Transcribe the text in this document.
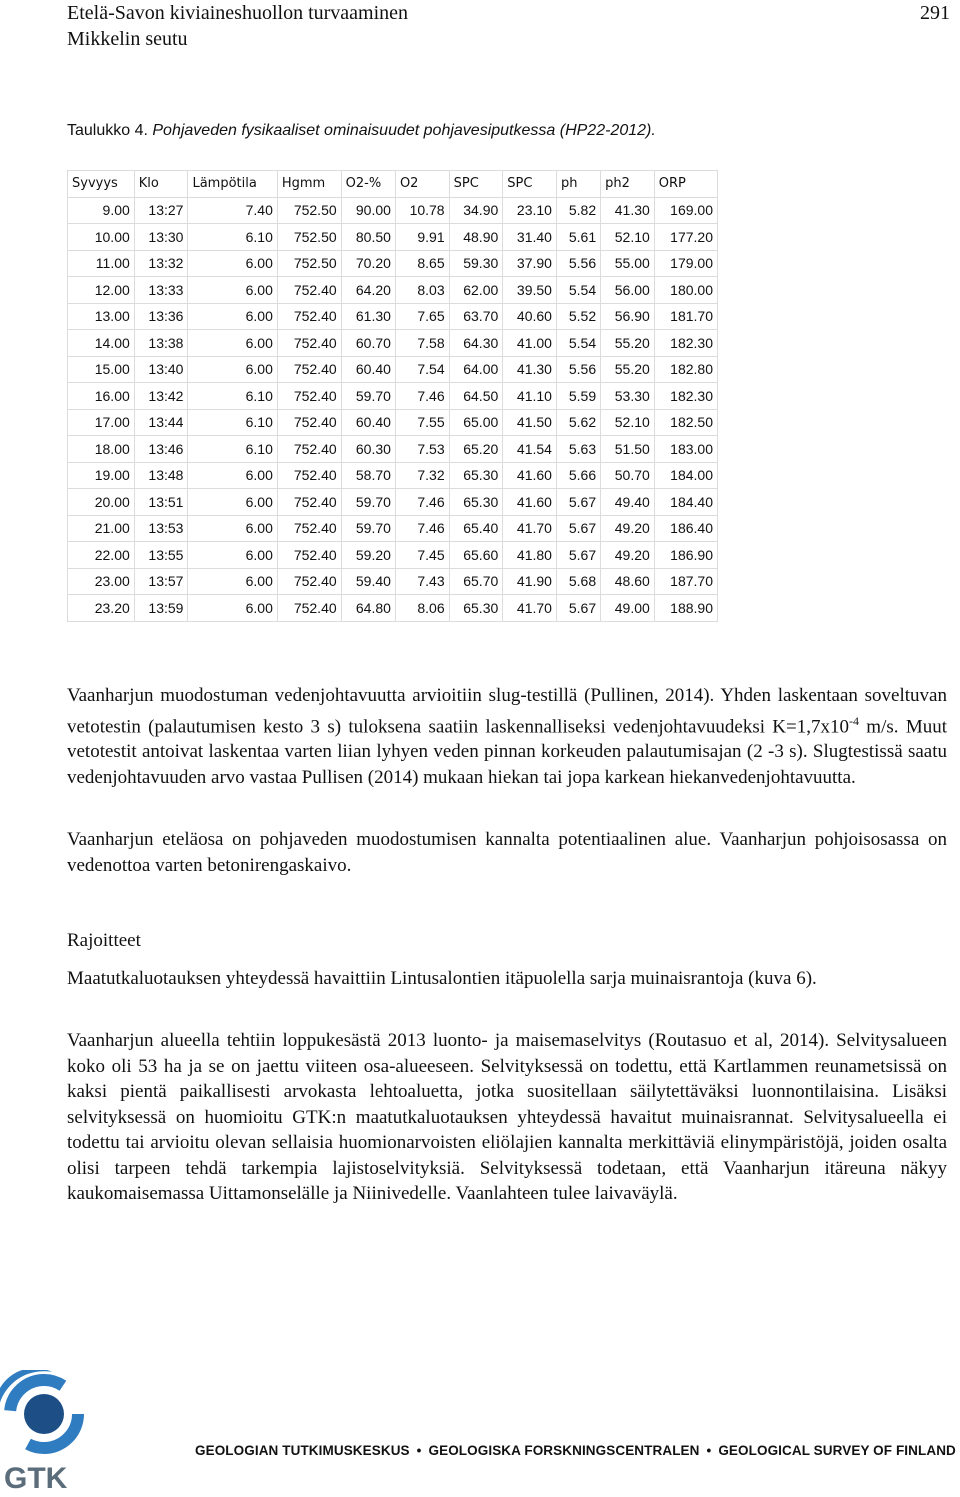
Etelä-Savon kiviaineshuollon turvaaminen
Mikkelin seutu
291
Taulukko 4. Pohjaveden fysikaaliset ominaisuudet pohjavesiputkessa (HP22-2012).
Syvyys	Klo	Lämpötila	Hgmm	O2-%	O2	SPC	SPC	ph	ph2	ORP
9.00	13:27	7.40	752.50	90.00	10.78	34.90	23.10	5.82	41.30	169.00
10.00	13:30	6.10	752.50	80.50	9.91	48.90	31.40	5.61	52.10	177.20
11.00	13:32	6.00	752.50	70.20	8.65	59.30	37.90	5.56	55.00	179.00
12.00	13:33	6.00	752.40	64.20	8.03	62.00	39.50	5.54	56.00	180.00
13.00	13:36	6.00	752.40	61.30	7.65	63.70	40.60	5.52	56.90	181.70
14.00	13:38	6.00	752.40	60.70	7.58	64.30	41.00	5.54	55.20	182.30
15.00	13:40	6.00	752.40	60.40	7.54	64.00	41.30	5.56	55.20	182.80
16.00	13:42	6.10	752.40	59.70	7.46	64.50	41.10	5.59	53.30	182.30
17.00	13:44	6.10	752.40	60.40	7.55	65.00	41.50	5.62	52.10	182.50
18.00	13:46	6.10	752.40	60.30	7.53	65.20	41.54	5.63	51.50	183.00
19.00	13:48	6.00	752.40	58.70	7.32	65.30	41.60	5.66	50.70	184.00
20.00	13:51	6.00	752.40	59.70	7.46	65.30	41.60	5.67	49.40	184.40
21.00	13:53	6.00	752.40	59.70	7.46	65.40	41.70	5.67	49.20	186.40
22.00	13:55	6.00	752.40	59.20	7.45	65.60	41.80	5.67	49.20	186.90
23.00	13:57	6.00	752.40	59.40	7.43	65.70	41.90	5.68	48.60	187.70
23.20	13:59	6.00	752.40	64.80	8.06	65.30	41.70	5.67	49.00	188.90

Vaanharjun muodostuman vedenjohtavuutta arvioitiin slug-testillä (Pullinen, 2014). Yhden laskentaan soveltuvan vetotestin (palautumisen kesto 3 s) tuloksena saatiin laskennalliseksi vedenjohtavuudeksi $K=1,7x10^{-4}$ m/s. Muut vetotestit antoivat laskentaa varten liian lyhyen veden pinnan korkeuden palautumisajan (2 -3 s). Slugtestissä saatu vedenjohtavuuden arvo vastaa Pullisen (2014) mukaan hiekan tai jopa karkean hiekanvedenjohtavuutta.

Vaanharjun eteläosa on pohjaveden muodostumisen kannalta potentiaalinen alue. Vaanharjun pohjoisosassa on vedenottoa varten betonirengaskaivo.

Rajoitteet

Maatutkaluotauksen yhteydessä havaittiin Lintusalontien itäpuolella sarja muinaisrantoja (kuva 6).

Vaanharjun alueella tehtiin loppukesästä 2013 luonto- ja maisemaselvitys (Routasuo et al, 2014). Selvitysalueen koko oli 53 ha ja se on jaettu viiteen osa-alueeseen. Selvityksessä on todettu, että Kartlammen reunametsissä on kaksi pientä paikallisesti arvokasta lehtoaluetta, jotka suositellaan säilytettäväksi luonnontilaisina. Lisäksi selvityksessä on huomioitu GTK:n maatutkaluotauksen yhteydessä havaitut muinaisrannat. Selvitysalueella ei todettu tai arvioitu olevan sellaisia huomionarvoisten eliölajien kannalta merkittäviä elinympäristöjä, joiden osalta olisi tarpeen tehdä tarkempia lajistoselvityksiä. Selvityksessä todetaan, että Vaanharjun itäreuna näkyy kaukomaisemassa Uittamonselälle ja Niinivedelle. Vaanlahteen tulee laivaväylä.

GTK
GEOLOGIAN TUTKIMUSKESKUS • GEOLOGISKA FORSKNINGSCENTRALEN • GEOLOGICAL SURVEY OF FINLAND
